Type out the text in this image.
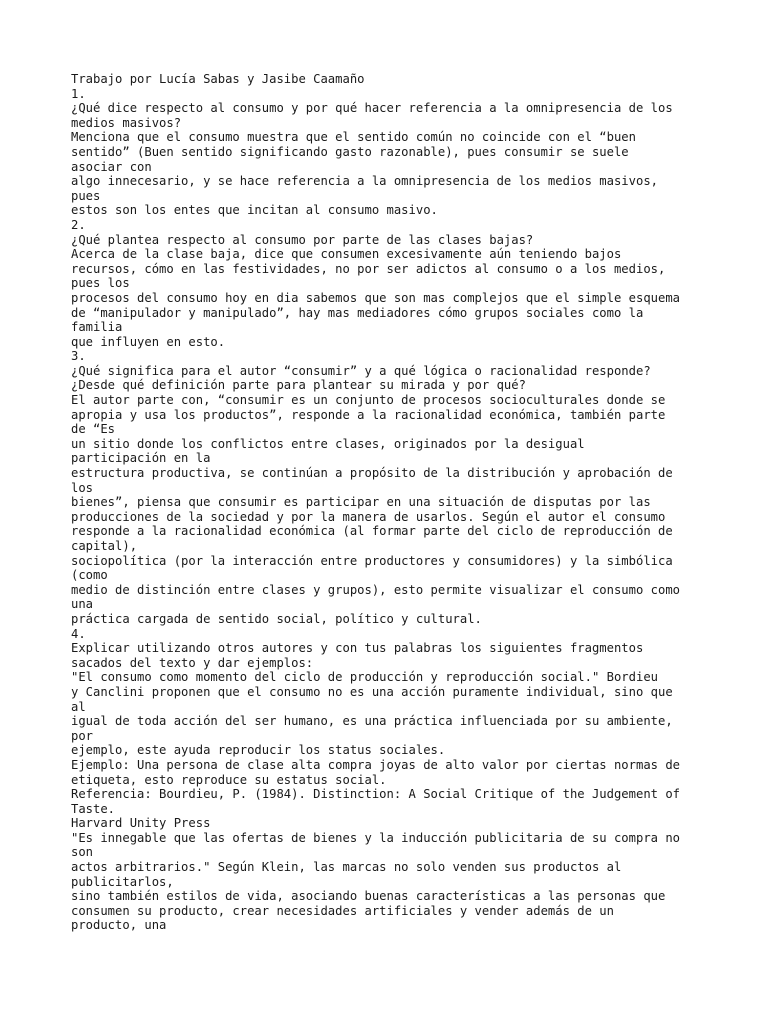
Trabajo por Lucía Sabas y Jasibe Caamaño
1.
¿Qué dice respecto al consumo y por qué hacer referencia a la omnipresencia de los
medios masivos?
Menciona que el consumo muestra que el sentido común no coincide con el “buen
sentido” (Buen sentido significando gasto razonable), pues consumir se suele
asociar con
algo innecesario, y se hace referencia a la omnipresencia de los medios masivos,
pues
estos son los entes que incitan al consumo masivo.
2.
¿Qué plantea respecto al consumo por parte de las clases bajas?
Acerca de la clase baja, dice que consumen excesivamente aún teniendo bajos
recursos, cómo en las festividades, no por ser adictos al consumo o a los medios,
pues los
procesos del consumo hoy en dia sabemos que son mas complejos que el simple esquema
de “manipulador y manipulado”, hay mas mediadores cómo grupos sociales como la
familia
que influyen en esto.
3.
¿Qué significa para el autor “consumir” y a qué lógica o racionalidad responde?
¿Desde qué definición parte para plantear su mirada y por qué?
El autor parte con, “consumir es un conjunto de procesos socioculturales donde se
apropia y usa los productos”, responde a la racionalidad económica, también parte
de “Es
un sitio donde los conflictos entre clases, originados por la desigual
participación en la
estructura productiva, se continúan a propósito de la distribución y aprobación de
los
bienes”, piensa que consumir es participar en una situación de disputas por las
producciones de la sociedad y por la manera de usarlos. Según el autor el consumo
responde a la racionalidad económica (al formar parte del ciclo de reproducción de
capital),
sociopolítica (por la interacción entre productores y consumidores) y la simbólica
(como
medio de distinción entre clases y grupos), esto permite visualizar el consumo como
una
práctica cargada de sentido social, político y cultural.
4.
Explicar utilizando otros autores y con tus palabras los siguientes fragmentos
sacados del texto y dar ejemplos:
"El consumo como momento del ciclo de producción y reproducción social." Bordieu
y Canclini proponen que el consumo no es una acción puramente individual, sino que
al
igual de toda acción del ser humano, es una práctica influenciada por su ambiente,
por
ejemplo, este ayuda reproducir los status sociales.
Ejemplo: Una persona de clase alta compra joyas de alto valor por ciertas normas de
etiqueta, esto reproduce su estatus social.
Referencia: Bourdieu, P. (1984). Distinction: A Social Critique of the Judgement of
Taste.
Harvard Unity Press
"Es innegable que las ofertas de bienes y la inducción publicitaria de su compra no
son
actos arbitrarios." Según Klein, las marcas no solo venden sus productos al
publicitarlos,
sino también estilos de vida, asociando buenas características a las personas que
consumen su producto, crear necesidades artificiales y vender además de un
producto, una
